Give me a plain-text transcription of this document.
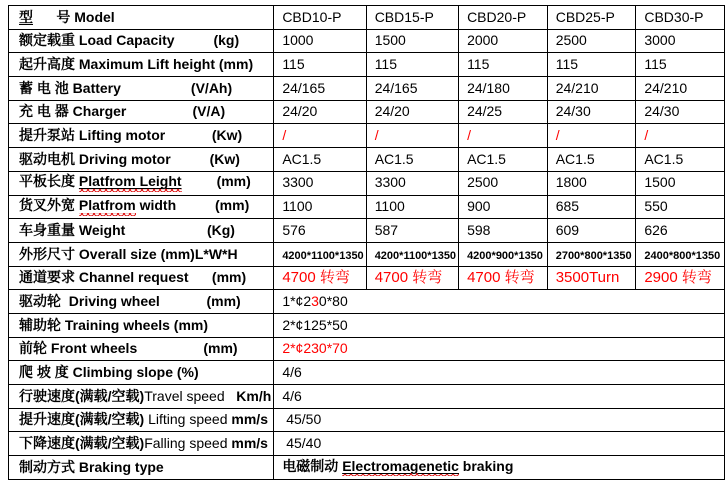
型      号 Model	CBD10-P	CBD15-P	CBD20-P	CBD25-P	CBD30-P
额定载重 Load Capacity          (kg)	1000	1500	2000	2500	3000
起升高度 Maximum Lift height (mm)	115	115	115	115	115
蓄 电 池 Battery                  (V/Ah)	24/165	24/165	24/180	24/210	24/210
充 电 器 Charger                 (V/A)	24/20	24/20	24/25	24/30	24/30
提升泵站 Lifting motor            (Kw)	/	/	/	/	/
驱动电机 Driving motor          (Kw)	AC1.5	AC1.5	AC1.5	AC1.5	AC1.5
平板长度 Platfrom Leight         (mm)	3300	3300	2500	1800	1500
货叉外宽 Platfrom width          (mm)	1100	1100	900	685	550
车身重量 Weight                     (Kg)	576	587	598	609	626
外形尺寸 Overall size (mm)L*W*H	4200*1100*1350	4200*1100*1350	4200*900*1350	2700*800*1350	2400*800*1350
通道要求 Channel request      (mm)	4700 转弯	4700 转弯	4700 转弯	3500Turn	2900 转弯
驱动轮  Driving wheel            (mm)	1*¢230*80				
辅助轮 Training wheels (mm)	2*¢125*50				
前轮 Front wheels                 (mm)	2*¢230*70				
爬 坡 度 Climbing slope (%)	4/6				
行驶速度(满载/空载)Travel speed   Km/h	4/6				
提升速度(满载/空载) Lifting speed mm/s	45/50				
下降速度(满载/空载)Falling speed mm/s	45/40				
制动方式 Braking type	电磁制动 Electromagenetic braking				
